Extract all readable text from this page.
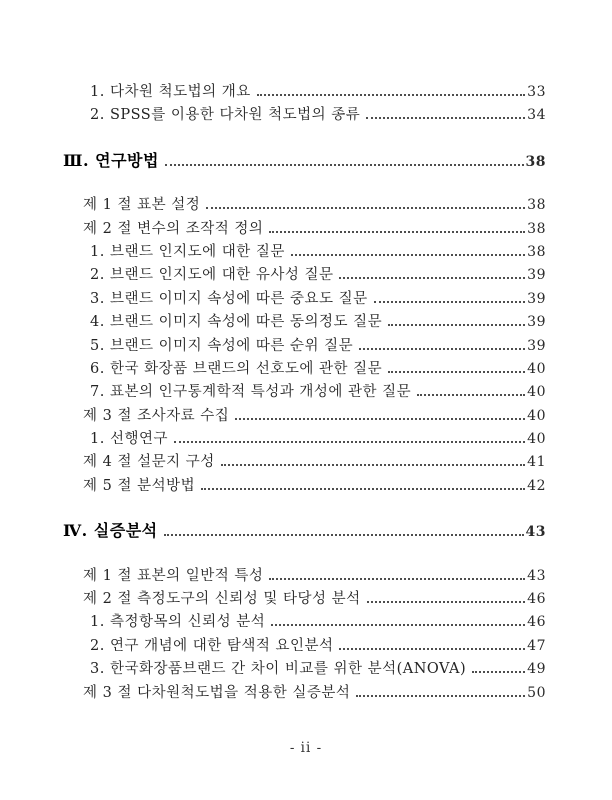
1. 다차원 척도법의 개요	33
2. SPSS를 이용한 다차원 척도법의 종류	34
Ⅲ. 연구방법	38
제 1 절 표본 설정	38
제 2 절 변수의 조작적 정의	38
1. 브랜드 인지도에 대한 질문	38
2. 브랜드 인지도에 대한 유사성 질문	39
3. 브랜드 이미지 속성에 따른 중요도 질문	39
4. 브랜드 이미지 속성에 따른 동의정도 질문	39
5. 브랜드 이미지 속성에 따른 순위 질문	39
6. 한국 화장품 브랜드의 선호도에 관한 질문	40
7. 표본의 인구통계학적 특성과 개성에 관한 질문	40
제 3 절 조사자료 수집	40
1. 선행연구	40
제 4 절 설문지 구성	41
제 5 절 분석방법	42
Ⅳ. 실증분석	43
제 1 절 표본의 일반적 특성	43
제 2 절 측정도구의 신뢰성 및 타당성 분석	46
1. 측정항목의 신뢰성 분석	46
2. 연구 개념에 대한 탐색적 요인분석	47
3. 한국화장품브랜드 간 차이 비교를 위한 분석(ANOVA)	49
제 3 절 다차원척도법을 적용한 실증분석	50
- ii -
